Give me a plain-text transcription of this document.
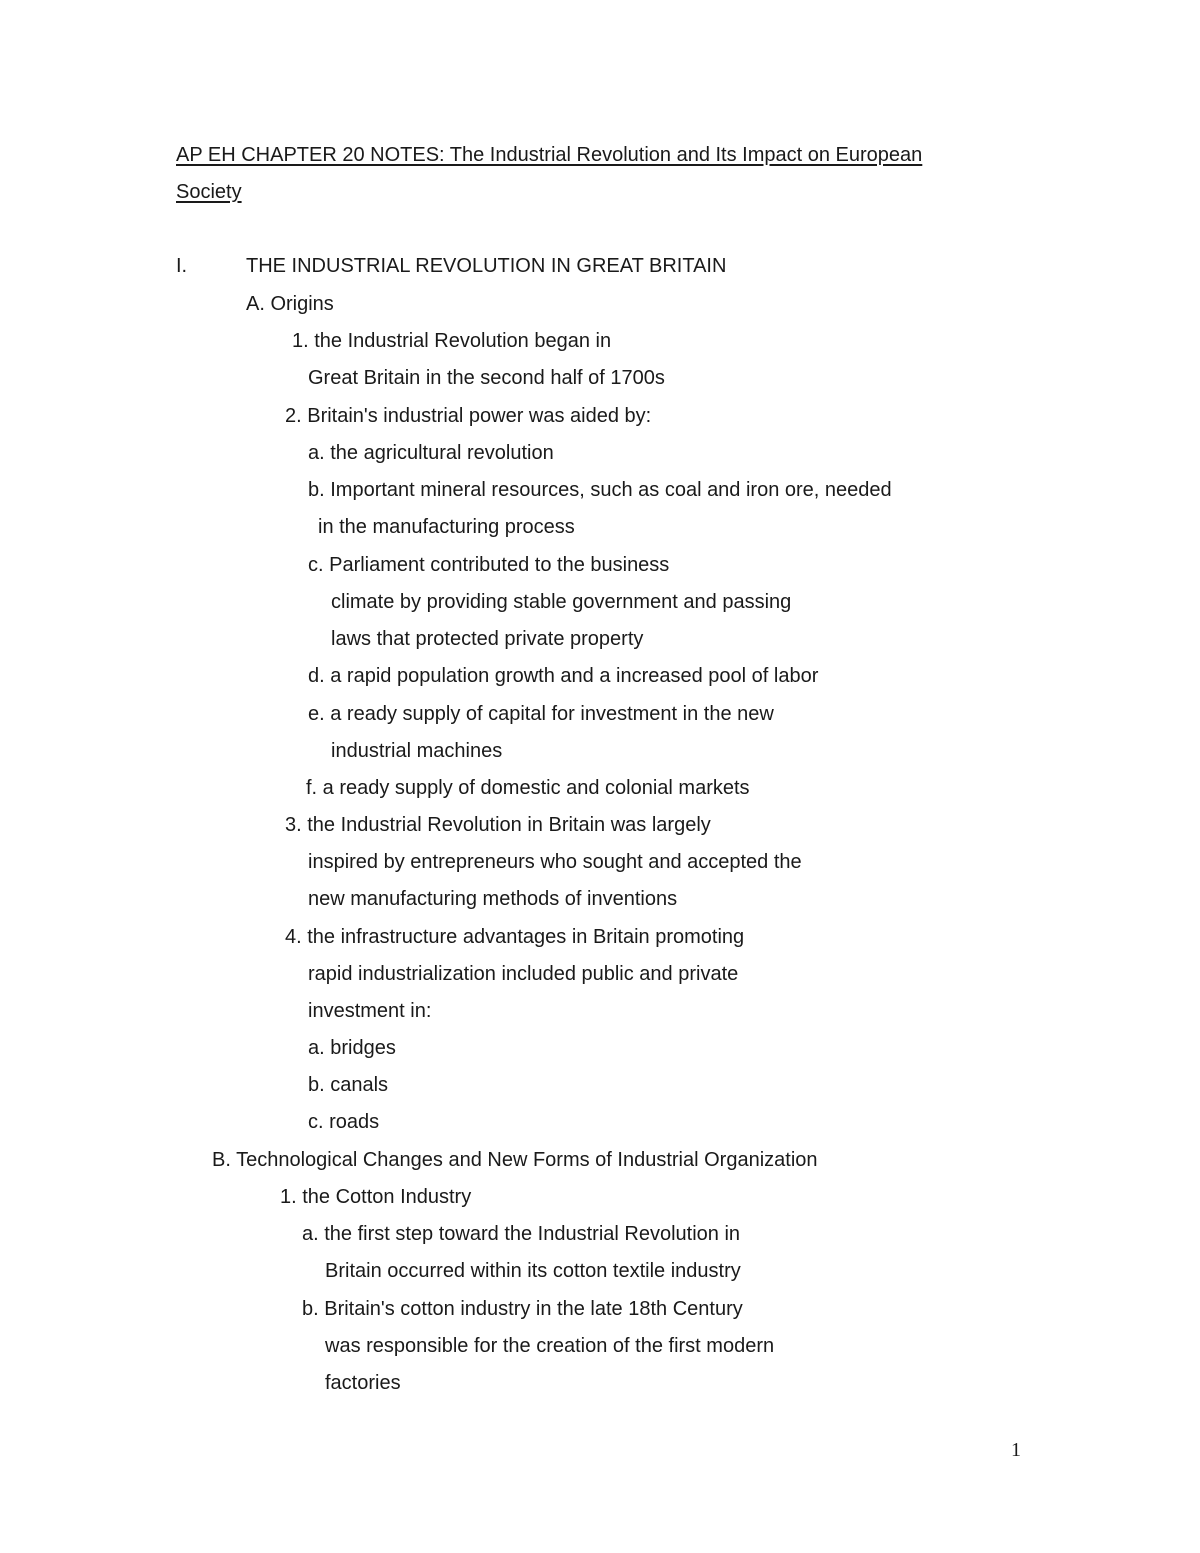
AP EH CHAPTER 20 NOTES: The Industrial Revolution and Its Impact on European

Society

I.	THE INDUSTRIAL REVOLUTION IN GREAT BRITAIN

A. Origins

1. the Industrial Revolution began in

Great Britain in the second half of 1700s

2. Britain's industrial power was aided by:

a. the agricultural revolution

b. Important mineral resources, such as coal and iron ore, needed

in the manufacturing process

c. Parliament contributed to the business

climate by providing stable government and passing

laws that protected private property

d. a rapid population growth and a increased pool of labor

e. a ready supply of capital for investment in the new

industrial machines

f. a ready supply of domestic and colonial markets

3. the Industrial Revolution in Britain was largely

inspired by entrepreneurs who sought and accepted the

new manufacturing methods of inventions

4. the infrastructure advantages in Britain promoting

rapid industrialization included public and private

investment in:

a. bridges

b. canals

c. roads

B. Technological Changes and New Forms of Industrial Organization

1. the Cotton Industry

a. the first step toward the Industrial Revolution in

Britain occurred within its cotton textile industry

b. Britain's cotton industry in the late 18th Century

was responsible for the creation of the first modern

factories

1
